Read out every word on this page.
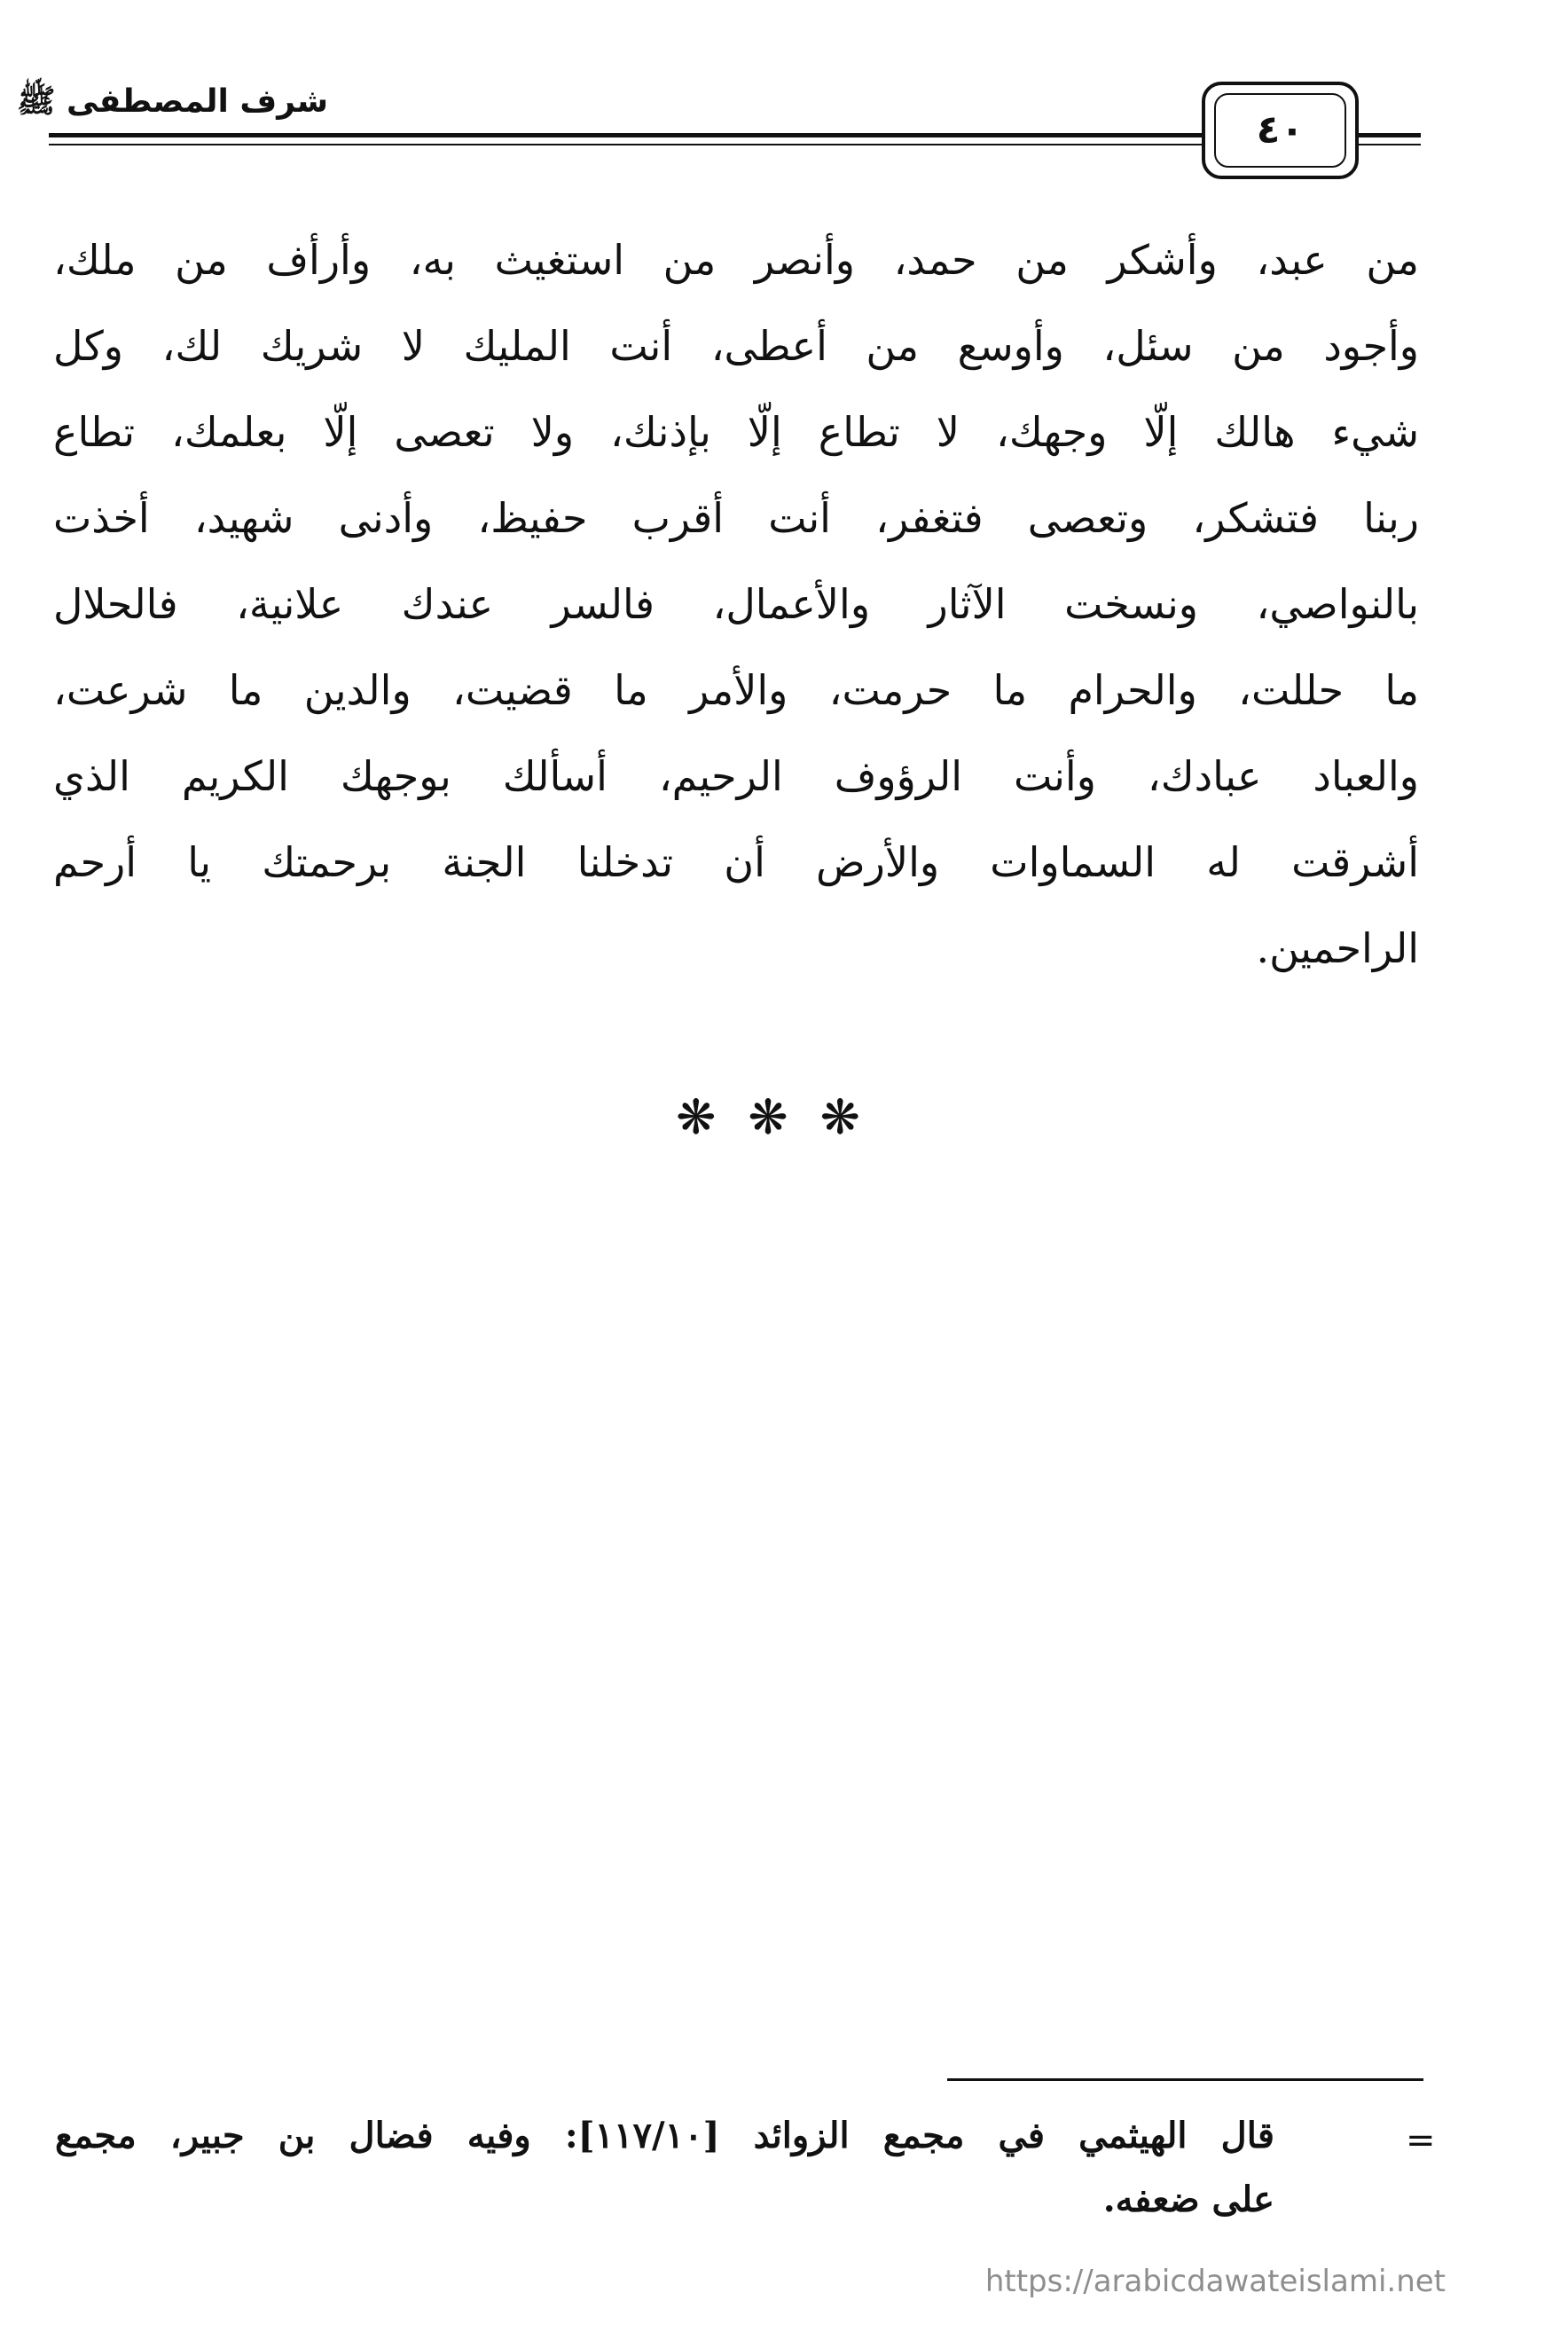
شرف المصطفى ﷺ
٤٠
من عبد، وأشكر من حمد، وأنصر من استغيث به، وأرأف من ملك،
وأجود من سئل، وأوسع من أعطى، أنت المليك لا شريك لك، وكل
شيء هالك إلّا وجهك، لا تطاع إلّا بإذنك، ولا تعصى إلّا بعلمك، تطاع
ربنا فتشكر، وتعصى فتغفر، أنت أقرب حفيظ، وأدنى شهيد، أخذت
بالنواصي، ونسخت الآثار والأعمال، فالسر عندك علانية، فالحلال
ما حللت، والحرام ما حرمت، والأمر ما قضيت، والدين ما شرعت،
والعباد عبادك، وأنت الرؤوف الرحيم، أسألك بوجهك الكريم الذي
أشرقت له السماوات والأرض أن تدخلنا الجنة برحمتك يا أرحم
الراحمين.
❋❋❋
=
قال الهيثمي في مجمع الزوائد [١١٧/١٠]: وفيه فضال بن جبير، مجمع
على ضعفه.
https://arabicdawateislami.net
